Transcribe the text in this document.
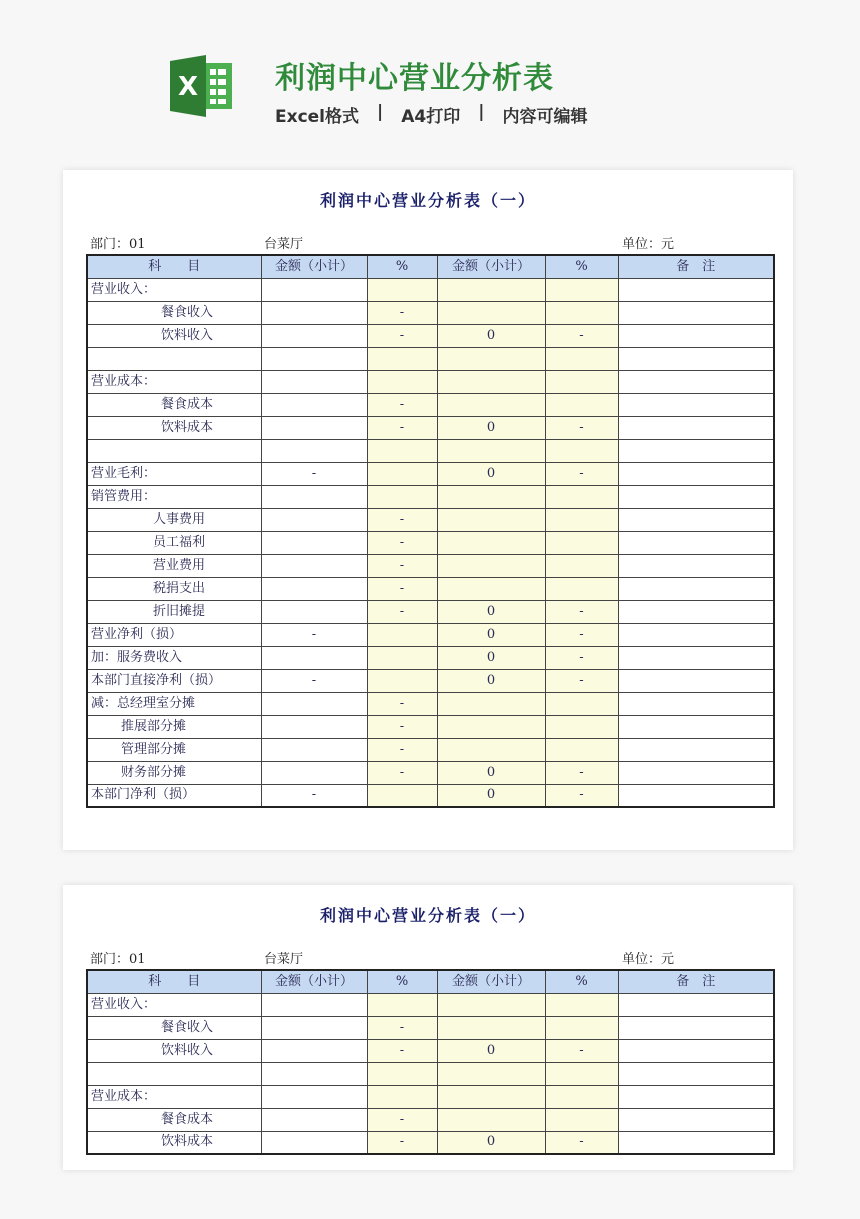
X	利润中心营业分析表
Excel格式 | A4打印 | 内容可编辑
利润中心营业分析表（一）
部门：01	台菜厅	单位：元
科　　目	金额（小计）	%	金额（小计）	%	备　注
营业收入：					
餐食收入		-			
饮料收入		-	0	-	

营业成本：					
餐食成本		-			
饮料成本		-	0	-	

营业毛利：	-		0	-	
销管费用：					
人事费用		-			
员工福利		-			
营业费用		-			
税捐支出		-			
折旧摊提		-	0	-	
营业净利（损）	-		0	-	
加：服务费收入			0	-	
本部门直接净利（损）	-		0	-	
减：总经理室分摊		-			
推展部分摊		-			
管理部分摊		-			
财务部分摊		-	0	-	
本部门净利（损）	-		0	-	
利润中心营业分析表（一）
部门：01	台菜厅	单位：元
科　　目	金额（小计）	%	金额（小计）	%	备　注
营业收入：					
餐食收入		-			
饮料收入		-	0	-	

营业成本：					
餐食成本		-			
饮料成本		-	0	-	
